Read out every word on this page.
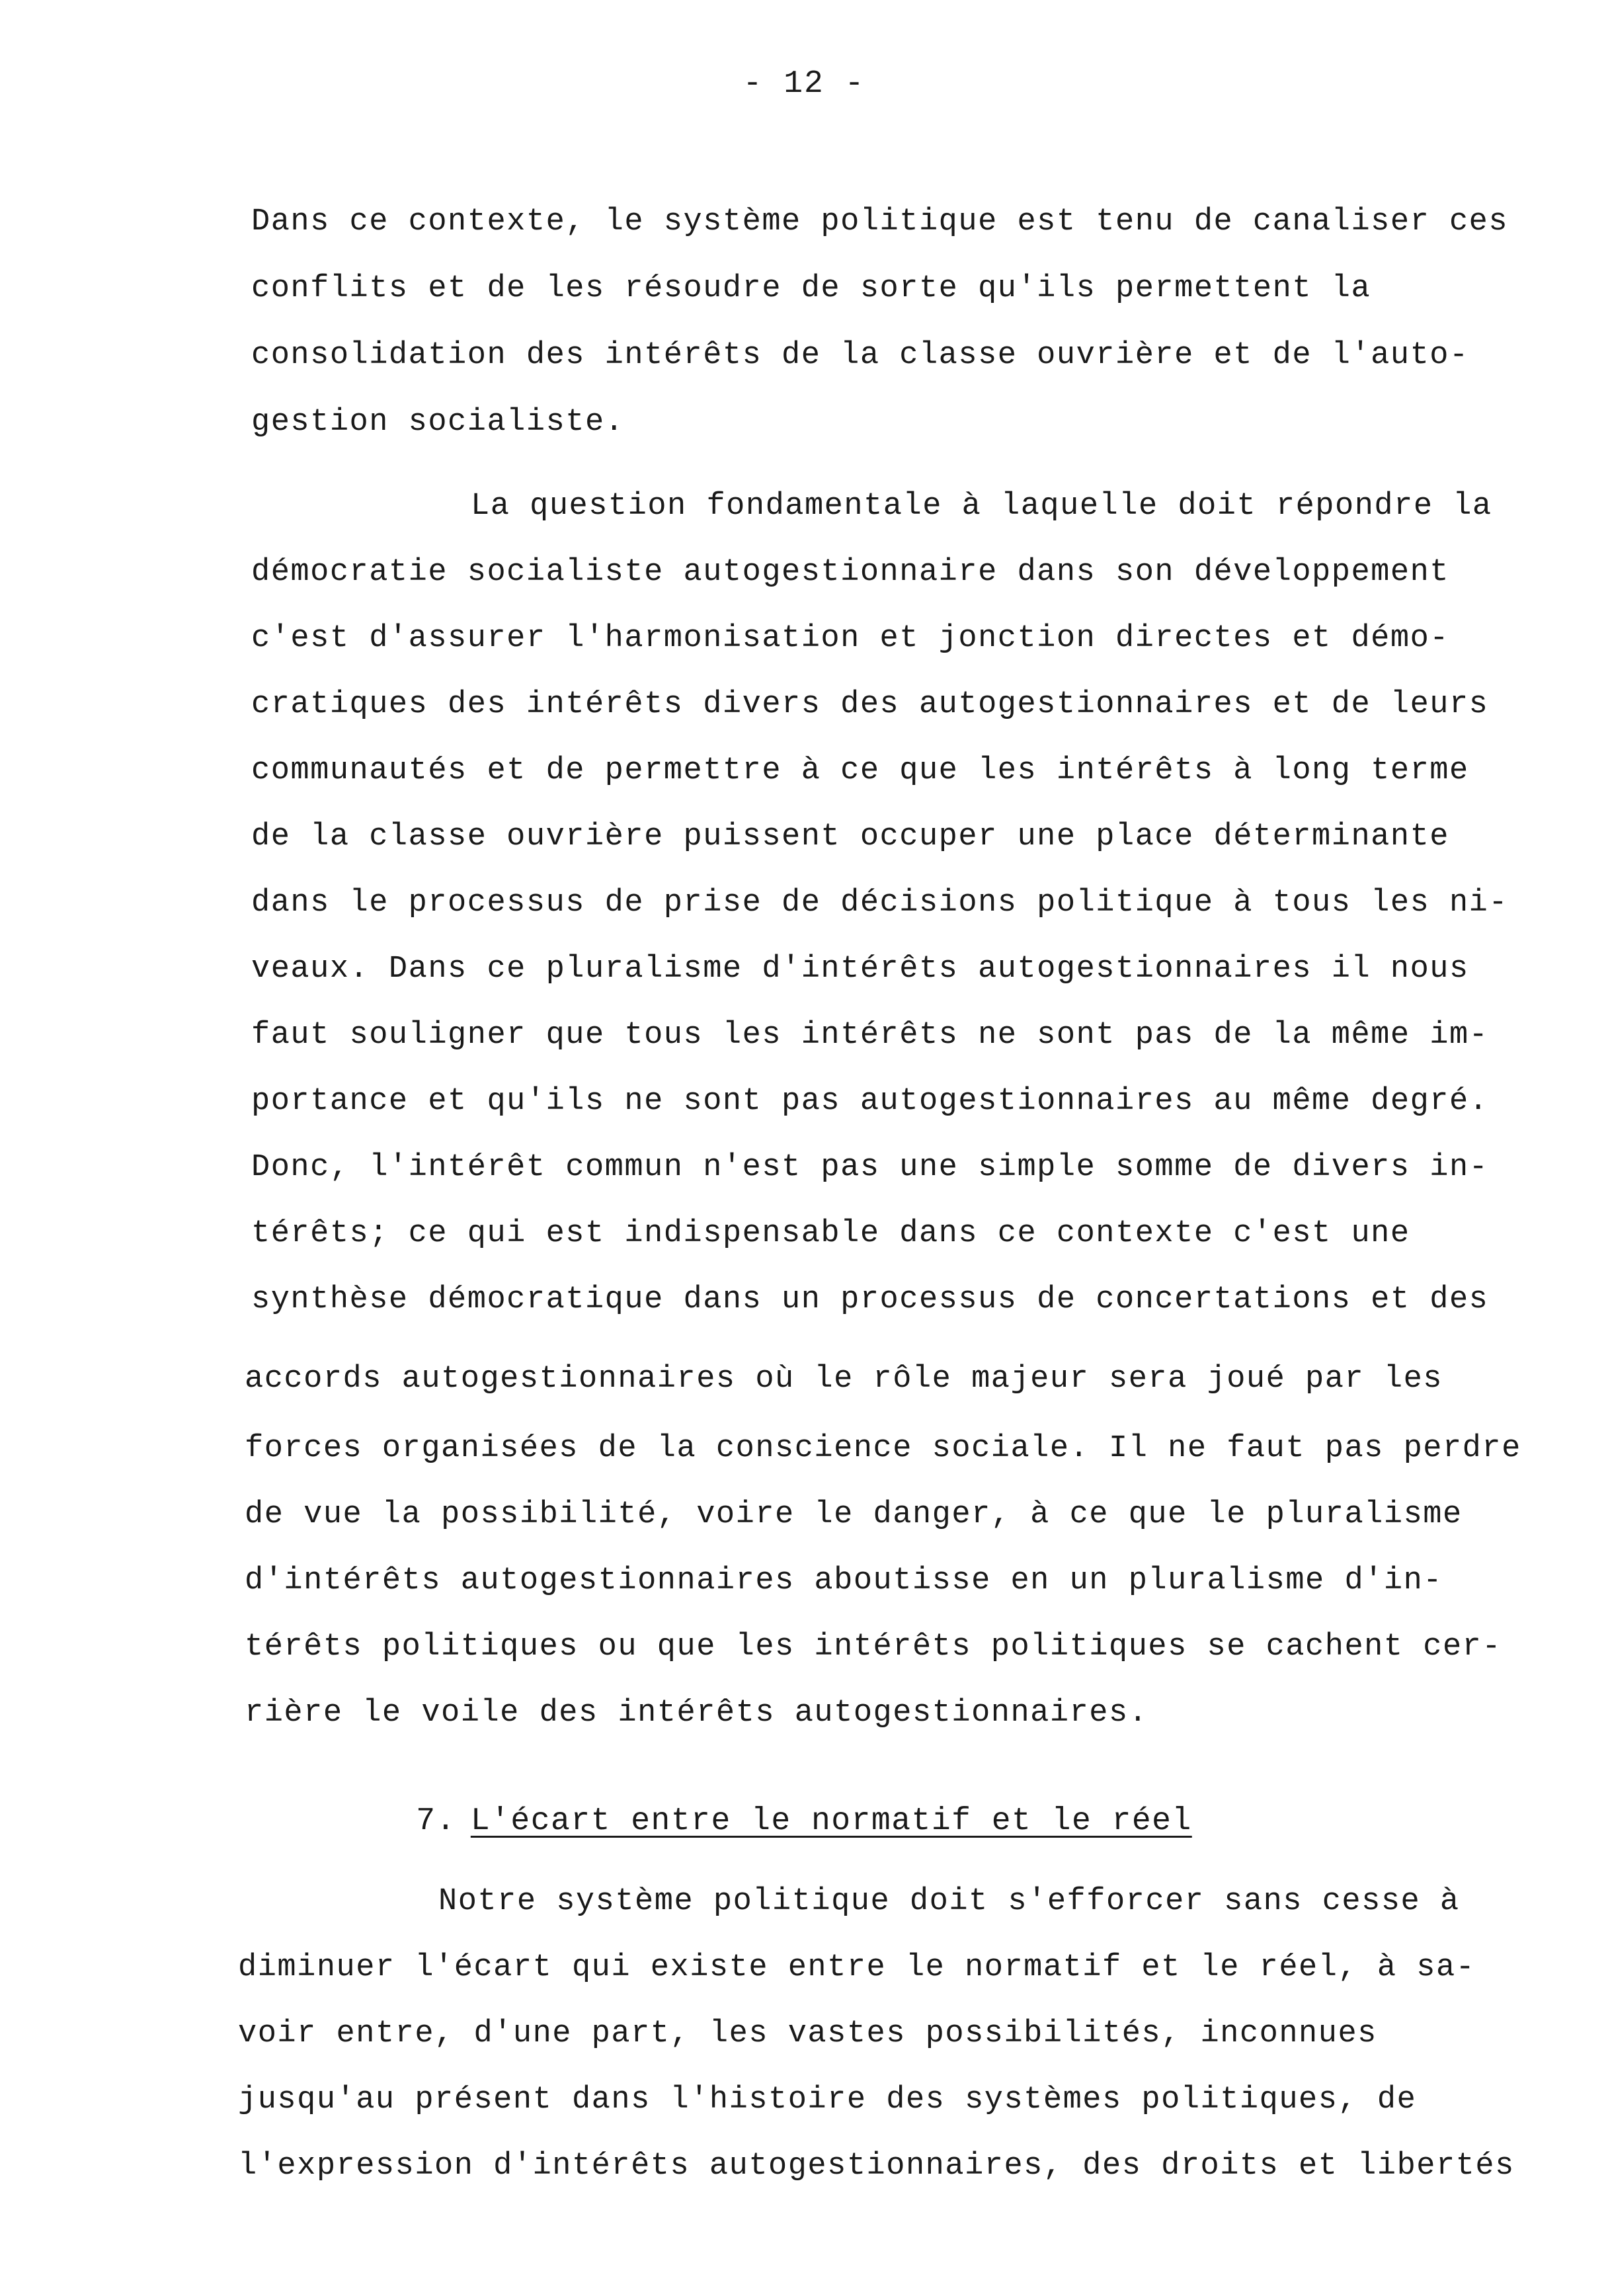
- 12 -
Dans ce contexte, le système politique est tenu de canaliser ces
conflits et de les résoudre de sorte qu'ils permettent la
consolidation des intérêts de la classe ouvrière et de l'auto-
gestion socialiste.
La question fondamentale à laquelle doit répondre la
démocratie socialiste autogestionnaire dans son développement
c'est d'assurer l'harmonisation et jonction directes et démo-
cratiques des intérêts divers des autogestionnaires et de leurs
communautés et de permettre à ce que les intérêts à long terme
de la classe ouvrière puissent occuper une place déterminante
dans le processus de prise de décisions politique à tous les ni-
veaux. Dans ce pluralisme d'intérêts autogestionnaires il nous
faut souligner que tous les intérêts ne sont pas de la même im-
portance et qu'ils ne sont pas autogestionnaires au même degré.
Donc, l'intérêt commun n'est pas une simple somme de divers in-
térêts; ce qui est indispensable dans ce contexte c'est une
synthèse démocratique dans un processus de concertations et des
accords autogestionnaires où le rôle majeur sera joué par les
forces organisées de la conscience sociale. Il ne faut pas perdre
de vue la possibilité, voire le danger, à ce que le pluralisme
d'intérêts autogestionnaires aboutisse en un pluralisme d'in-
térêts politiques ou que les intérêts politiques se cachent cer-
rière le voile des intérêts autogestionnaires.
7. L'écart entre le normatif et le réel
Notre système politique doit s'efforcer sans cesse à
diminuer l'écart qui existe entre le normatif et le réel, à sa-
voir entre, d'une part, les vastes possibilités, inconnues
jusqu'au présent dans l'histoire des systèmes politiques, de
l'expression d'intérêts autogestionnaires, des droits et libertés
